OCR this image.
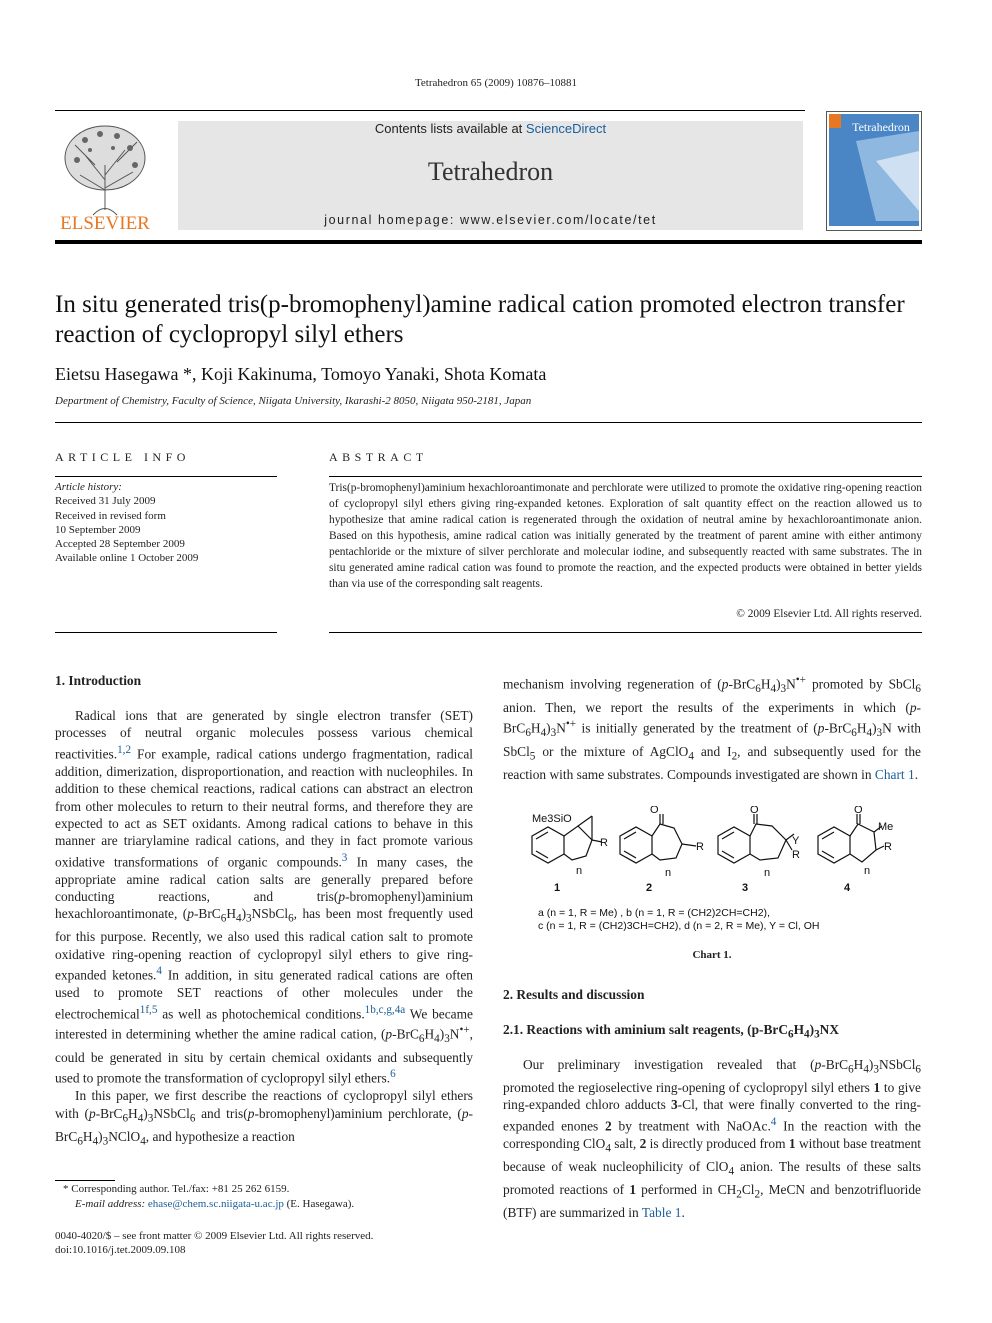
Tetrahedron 65 (2009) 10876–10881
ELSEVIER
Contents lists available at ScienceDirect
Tetrahedron
journal homepage: www.elsevier.com/locate/tet
Tetrahedron
In situ generated tris(p-bromophenyl)amine radical cation promoted electron transfer reaction of cyclopropyl silyl ethers
Eietsu Hasegawa *, Koji Kakinuma, Tomoyo Yanaki, Shota Komata
Department of Chemistry, Faculty of Science, Niigata University, Ikarashi-2 8050, Niigata 950-2181, Japan
ARTICLE INFO	ABSTRACT
Article history:
Received 31 July 2009
Received in revised form
10 September 2009
Accepted 28 September 2009
Available online 1 October 2009
Tris(p-bromophenyl)aminium hexachloroantimonate and perchlorate were utilized to promote the oxidative ring-opening reaction of cyclopropyl silyl ethers giving ring-expanded ketones. Exploration of salt quantity effect on the reaction allowed us to hypothesize that amine radical cation is regenerated through the oxidation of neutral amine by hexachloroantimonate anion. Based on this hypothesis, amine radical cation was initially generated by the treatment of parent amine with either antimony pentachloride or the mixture of silver perchlorate and molecular iodine, and subsequently reacted with same substrates. The in situ generated amine radical cation was found to promote the reaction, and the expected products were obtained in better yields than via use of the corresponding salt reagents.
© 2009 Elsevier Ltd. All rights reserved.
1. Introduction

Radical ions that are generated by single electron transfer (SET) processes of neutral organic molecules possess various chemical reactivities.$^{1,2}$ For example, radical cations undergo fragmentation, radical addition, dimerization, disproportionation, and reaction with nucleophiles. In addition to these chemical reactions, radical cations can abstract an electron from other molecules to return to their neutral forms, and therefore they are expected to act as SET oxidants. Among radical cations to behave in this manner are triarylamine radical cations, and they in fact promote various oxidative transformations of organic compounds.$^3$ In many cases, the appropriate amine radical cation salts are generally prepared before conducting reactions, and tris(p-bromophenyl)aminium hexachloroantimonate, $(p-BrC_6H_4)_3NSbCl_6$, has been most frequently used for this purpose. Recently, we also used this radical cation salt to promote oxidative ring-opening reaction of cyclopropyl silyl ethers to give ring-expanded ketones.$^4$ In addition, in situ generated radical cations are often used to promote SET reactions of other molecules under the electrochemical$^{1f,5}$ as well as photochemical conditions.$^{1b,c,g,4a}$ We became interested in determining whether the amine radical cation, $(p-BrC_6H_4)_3N^{•+}$, could be generated in situ by certain chemical oxidants and subsequently used to promote the transformation of cyclopropyl silyl ethers.$^6$

In this paper, we first describe the reactions of cyclopropyl silyl ethers with $(p-BrC_6H_4)_3NSbCl_6$ and tris(p-bromophenyl)aminium perchlorate, $(p-BrC_6H_4)_3NClO_4$, and hypothesize a reaction

mechanism involving regeneration of $(p-BrC_6H_4)_3N^{•+}$ promoted by SbCl$_6$ anion. Then, we report the results of the experiments in which $(p-BrC_6H_4)_3N^{•+}$ is initially generated by the treatment of $(p-BrC_6H_4)_3N$ with SbCl$_5$ or the mixture of AgClO$_4$ and $I_2$, and subsequently used for the reaction with same substrates. Compounds investigated are shown in Chart 1.

Me3SiO
R
n
O
R
n
O
Y
R
n
O
Me
R
n
1	2	3	4
a (n = 1, R = Me) , b (n = 1, R = (CH2)2CH=CH2),
c (n = 1, R = (CH2)3CH=CH2), d (n = 2, R = Me), Y = Cl, OH
Chart 1.
2. Results and discussion
2.1. Reactions with aminium salt reagents, $(p-BrC_6H_4)_3NX$

Our preliminary investigation revealed that $(p-BrC_6H_4)_3NSbCl_6$ promoted the regioselective ring-opening of cyclopropyl silyl ethers 1 to give ring-expanded chloro adducts 3-Cl, that were finally converted to the ring-expanded enones 2 by treatment with NaOAc.$^4$ In the reaction with the corresponding ClO$_4$ salt, 2 is directly produced from 1 without base treatment because of weak nucleophilicity of ClO$_4$ anion. The results of these salts promoted reactions of 1 performed in $CH_2Cl_2$, MeCN and benzotrifluoride (BTF) are summarized in Table 1.

* Corresponding author. Tel./fax: +81 25 262 6159.
E-mail address: ehase@chem.sc.niigata-u.ac.jp (E. Hasegawa).
0040-4020/$ – see front matter © 2009 Elsevier Ltd. All rights reserved.
doi:10.1016/j.tet.2009.09.108
